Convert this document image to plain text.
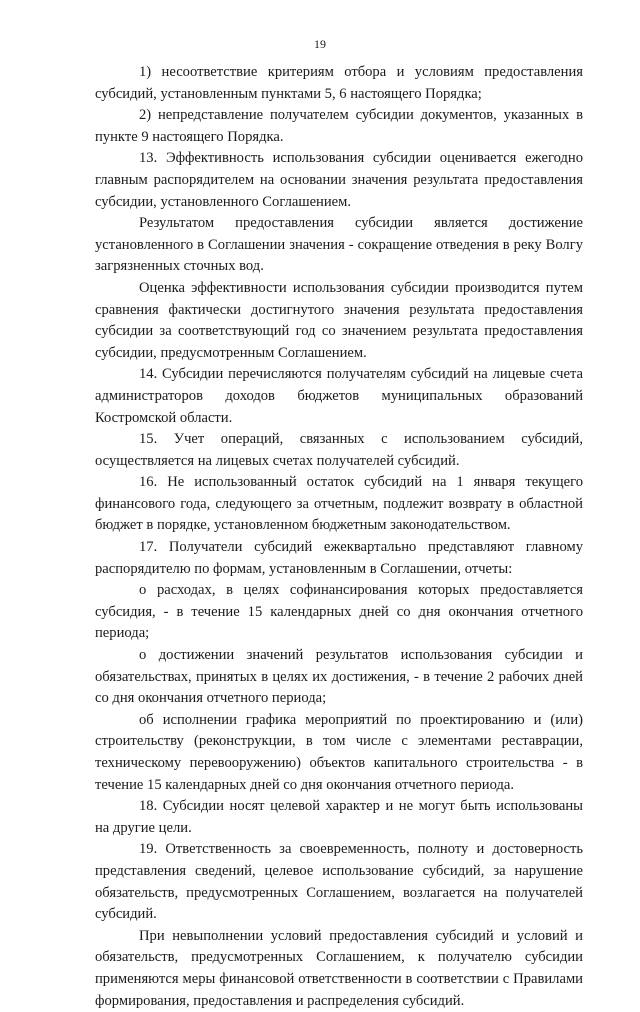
19

1) несоответствие критериям отбора и условиям предоставления субсидий, установленным пунктами 5, 6 настоящего Порядка;

2) непредставление получателем субсидии документов, указанных в пункте 9 настоящего Порядка.

13. Эффективность использования субсидии оценивается ежегодно главным распорядителем на основании значения результата предоставления субсидии, установленного Соглашением.

Результатом предоставления субсидии является достижение установленного в Соглашении значения - сокращение отведения в реку Волгу загрязненных сточных вод.

Оценка эффективности использования субсидии производится путем сравнения фактически достигнутого значения результата предоставления субсидии за соответствующий год со значением результата предоставления субсидии, предусмотренным Соглашением.

14. Субсидии перечисляются получателям субсидий на лицевые счета администраторов доходов бюджетов муниципальных образований Костромской области.

15. Учет операций, связанных с использованием субсидий, осуществляется на лицевых счетах получателей субсидий.

16. Не использованный остаток субсидий на 1 января текущего финансового года, следующего за отчетным, подлежит возврату в областной бюджет в порядке, установленном бюджетным законодательством.

17. Получатели субсидий ежеквартально представляют главному распорядителю по формам, установленным в Соглашении, отчеты:

о расходах, в целях софинансирования которых предоставляется субсидия, - в течение 15 календарных дней со дня окончания отчетного периода;

о достижении значений результатов использования субсидии и обязательствах, принятых в целях их достижения, - в течение 2 рабочих дней со дня окончания отчетного периода;

об исполнении графика мероприятий по проектированию и (или) строительству (реконструкции, в том числе с элементами реставрации, техническому перевооружению) объектов капитального строительства - в течение 15 календарных дней со дня окончания отчетного периода.

18. Субсидии носят целевой характер и не могут быть использованы на другие цели.

19. Ответственность за своевременность, полноту и достоверность представления сведений, целевое использование субсидий, за нарушение обязательств, предусмотренных Соглашением, возлагается на получателей субсидий.

При невыполнении условий предоставления субсидий и условий и обязательств, предусмотренных Соглашением, к получателю субсидии применяются меры финансовой ответственности в соответствии с Правилами формирования, предоставления и распределения субсидий.
